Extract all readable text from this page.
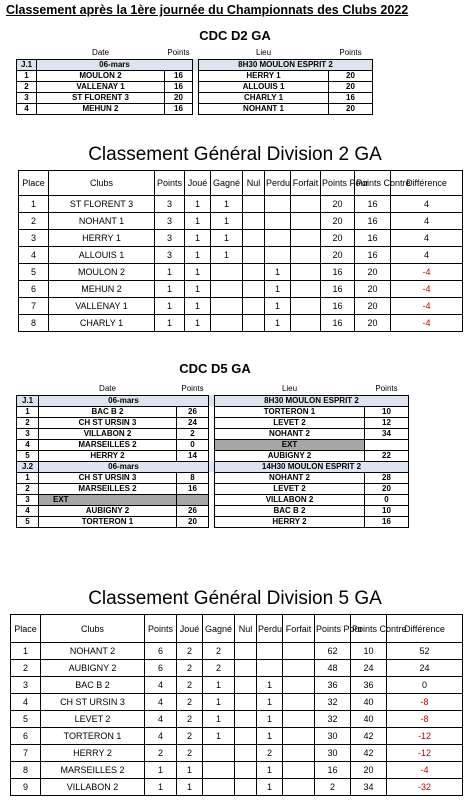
Classement après la 1ère journée du Championnats des Clubs 2022
CDC D2 GA
	Date	Points		Lieu	Points
J.1	06-mars			8H30 MOULON ESPRIT 2	
1	MOULON 2	16		HERRY 1	20
2	VALLENAY 1	16		ALLOUIS 1	20
3	ST FLORENT 3	20		CHARLY 1	16
4	MEHUN 2	16		NOHANT 1	20
Classement Général Division 2 GA
Place	Clubs	Points	Joué	Gagné	Nul	Perdu	Forfait	Points Pour	Points Contre	Différence
1	ST FLORENT 3	3	1	1				20	16	4
2	NOHANT 1	3	1	1				20	16	4
3	HERRY 1	3	1	1				20	16	4
4	ALLOUIS 1	3	1	1				20	16	4
5	MOULON 2	1	1			1		16	20	-4
6	MEHUN 2	1	1			1		16	20	-4
7	VALLENAY 1	1	1			1		16	20	-4
8	CHARLY 1	1	1			1		16	20	-4
CDC D5 GA
	Date	Points		Lieu	Points
J.1	06-mars			8H30 MOULON ESPRIT 2	
1	BAC B 2	26		TORTERON 1	10
2	CH ST URSIN 3	24		LEVET 2	12
3	VILLABON 2	2		NOHANT 2	34
4	MARSEILLES 2	0		EXT	
5	HERRY 2	14		AUBIGNY 2	22
J.2	06-mars			14H30 MOULON ESPRIT 2	
1	CH ST URSIN 3	8		NOHANT 2	28
2	MARSEILLES 2	16		LEVET 2	20
3	EXT			VILLABON 2	0
4	AUBIGNY 2	26		BAC B 2	10
5	TORTERON 1	20		HERRY 2	16
Classement Général Division 5 GA
Place	Clubs	Points	Joué	Gagné	Nul	Perdu	Forfait	Points Pour	Points Contre	Différence
1	NOHANT 2	6	2	2				62	10	52
2	AUBIGNY 2	6	2	2				48	24	24
3	BAC B 2	4	2	1		1		36	36	0
4	CH ST URSIN 3	4	2	1		1		32	40	-8
5	LEVET 2	4	2	1		1		32	40	-8
6	TORTERON 1	4	2	1		1		30	42	-12
7	HERRY 2	2	2			2		30	42	-12
8	MARSEILLES 2	1	1			1		16	20	-4
9	VILLABON 2	1	1			1		2	34	-32
